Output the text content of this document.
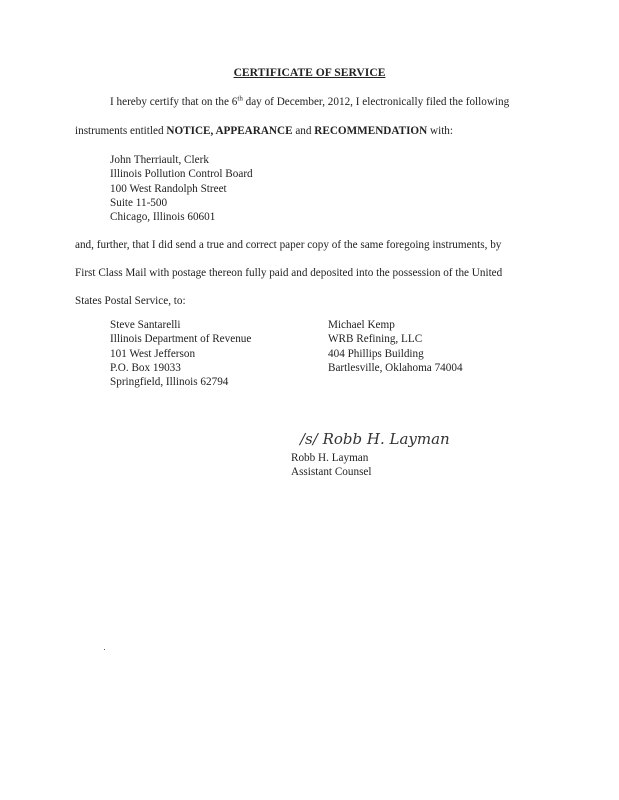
CERTIFICATE OF SERVICE
I hereby certify that on the 6th day of December, 2012, I electronically filed the following
instruments entitled NOTICE, APPEARANCE and RECOMMENDATION with:
John Therriault, Clerk
Illinois Pollution Control Board
100 West Randolph Street
Suite 11-500
Chicago, Illinois 60601
and, further, that I did send a true and correct paper copy of the same foregoing instruments, by
First Class Mail with postage thereon fully paid and deposited into the possession of the United
States Postal Service, to:
Steve Santarelli
Illinois Department of Revenue
101 West Jefferson
P.O. Box 19033
Springfield, Illinois 62794
Michael Kemp
WRB Refining, LLC
404 Phillips Building
Bartlesville, Oklahoma 74004
/s/ Robb H. Layman
Robb H. Layman
Assistant Counsel
